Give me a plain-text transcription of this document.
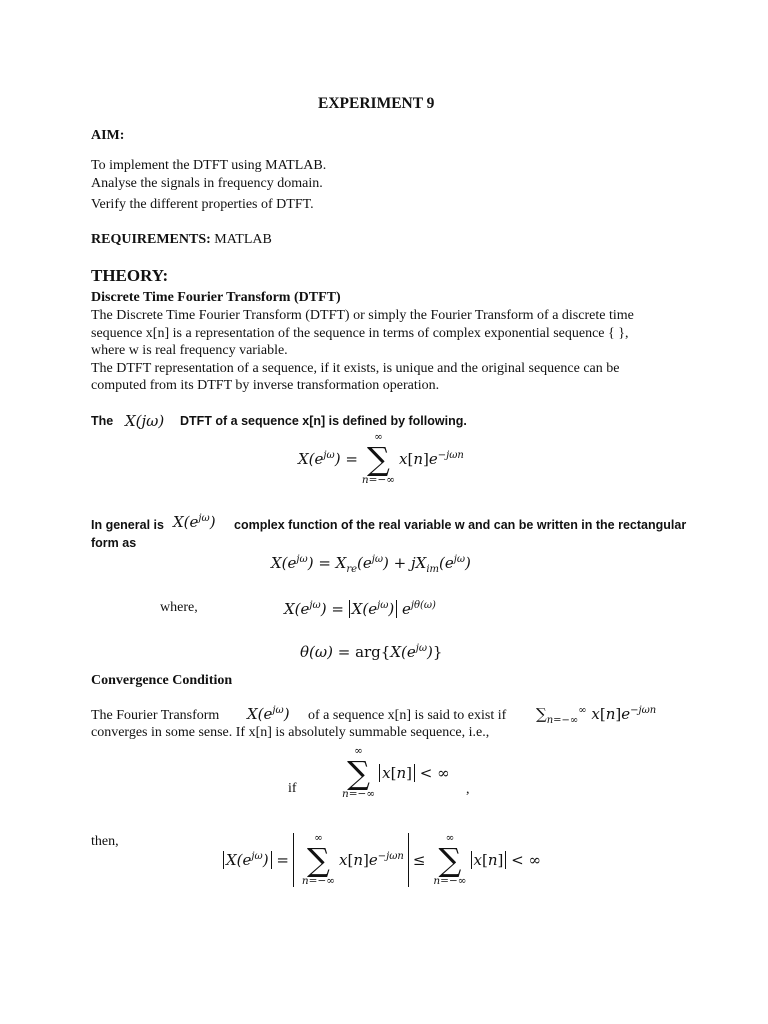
EXPERIMENT 9
AIM:
To implement the DTFT using MATLAB.
Analyse the signals in frequency domain.
Verify the different properties of DTFT.
REQUIREMENTS: MATLAB
THEORY:
Discrete Time Fourier Transform (DTFT)
The Discrete Time Fourier Transform (DTFT) or simply the Fourier Transform of a discrete time
sequence x[n] is a representation of the sequence in terms of complex exponential sequence { },
where w is real frequency variable.
The DTFT representation of a sequence, if it exists, is unique and the original sequence can be
computed from its DTFT by inverse transformation operation.
The X(jω) DTFT of a sequence x[n] is defined by following.
$X(e^{j\omega})$ =
∞
∑
n=−∞
$x[n]e^{-j\omega n}$
In general is $X(e^{j\omega})$ complex function of the real variable w and can be written in the rectangular
form as
$X(e^{j\omega}) = X_{re}(e^{j\omega}) + jX_{im}(e^{j\omega})$
where,	$X(e^{j\omega}) = X(e^{j\omega})$ $e^{j\theta(\omega)}$
$\theta(\omega) = arg\{X(e^{j\omega})\}$
Convergence Condition
The Fourier Transform $X(e^{j\omega})$ of a sequence x[n] is said to exist if $\sum_{n=-\infty}^\infty$ $x[n]e^{-j\omega n}$
converges in some sense. If x[n] is absolutely summable sequence, i.e.,
if
∞
∑
n=−∞
x[n] < ∞
,
then,
$X(e^{j\omega})$ =
∞
∑
n=−∞
$x[n]e^{-j\omega n}$ ≤
∞
∑
n=−∞
x[n] < ∞
